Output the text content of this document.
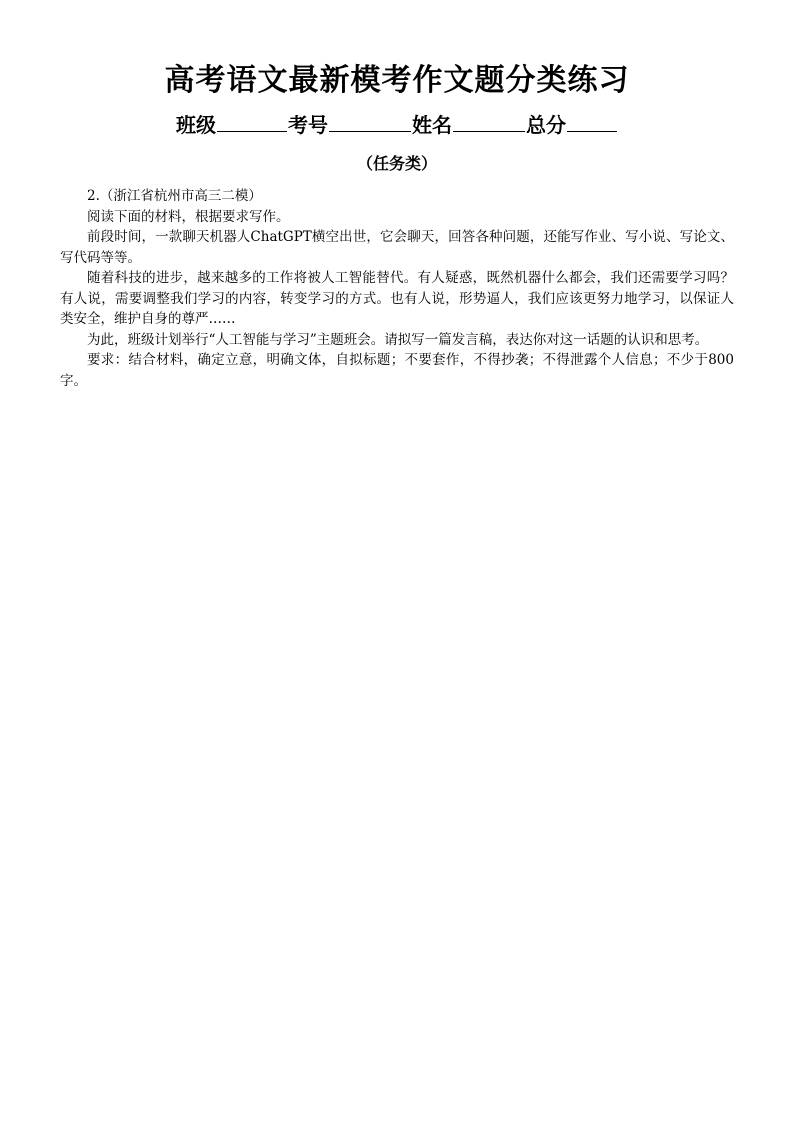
高考语文最新模考作文题分类练习
班级	考号	姓名	总分
（任务类）

2.（浙江省杭州市高三二模）

阅读下面的材料，根据要求写作。

前段时间，一款聊天机器人ChatGPT横空出世，它会聊天，回答各种问题，还能写作业、写小说、写论文、写代码等等。

随着科技的进步，越来越多的工作将被人工智能替代。有人疑惑，既然机器什么都会，我们还需要学习吗？有人说，需要调整我们学习的内容，转变学习的方式。也有人说，形势逼人，我们应该更努力地学习，以保证人类安全，维护自身的尊严……

为此，班级计划举行“人工智能与学习”主题班会。请拟写一篇发言稿，表达你对这一话题的认识和思考。

要求：结合材料，确定立意，明确文体，自拟标题；不要套作，不得抄袭；不得泄露个人信息；不少于800字。
